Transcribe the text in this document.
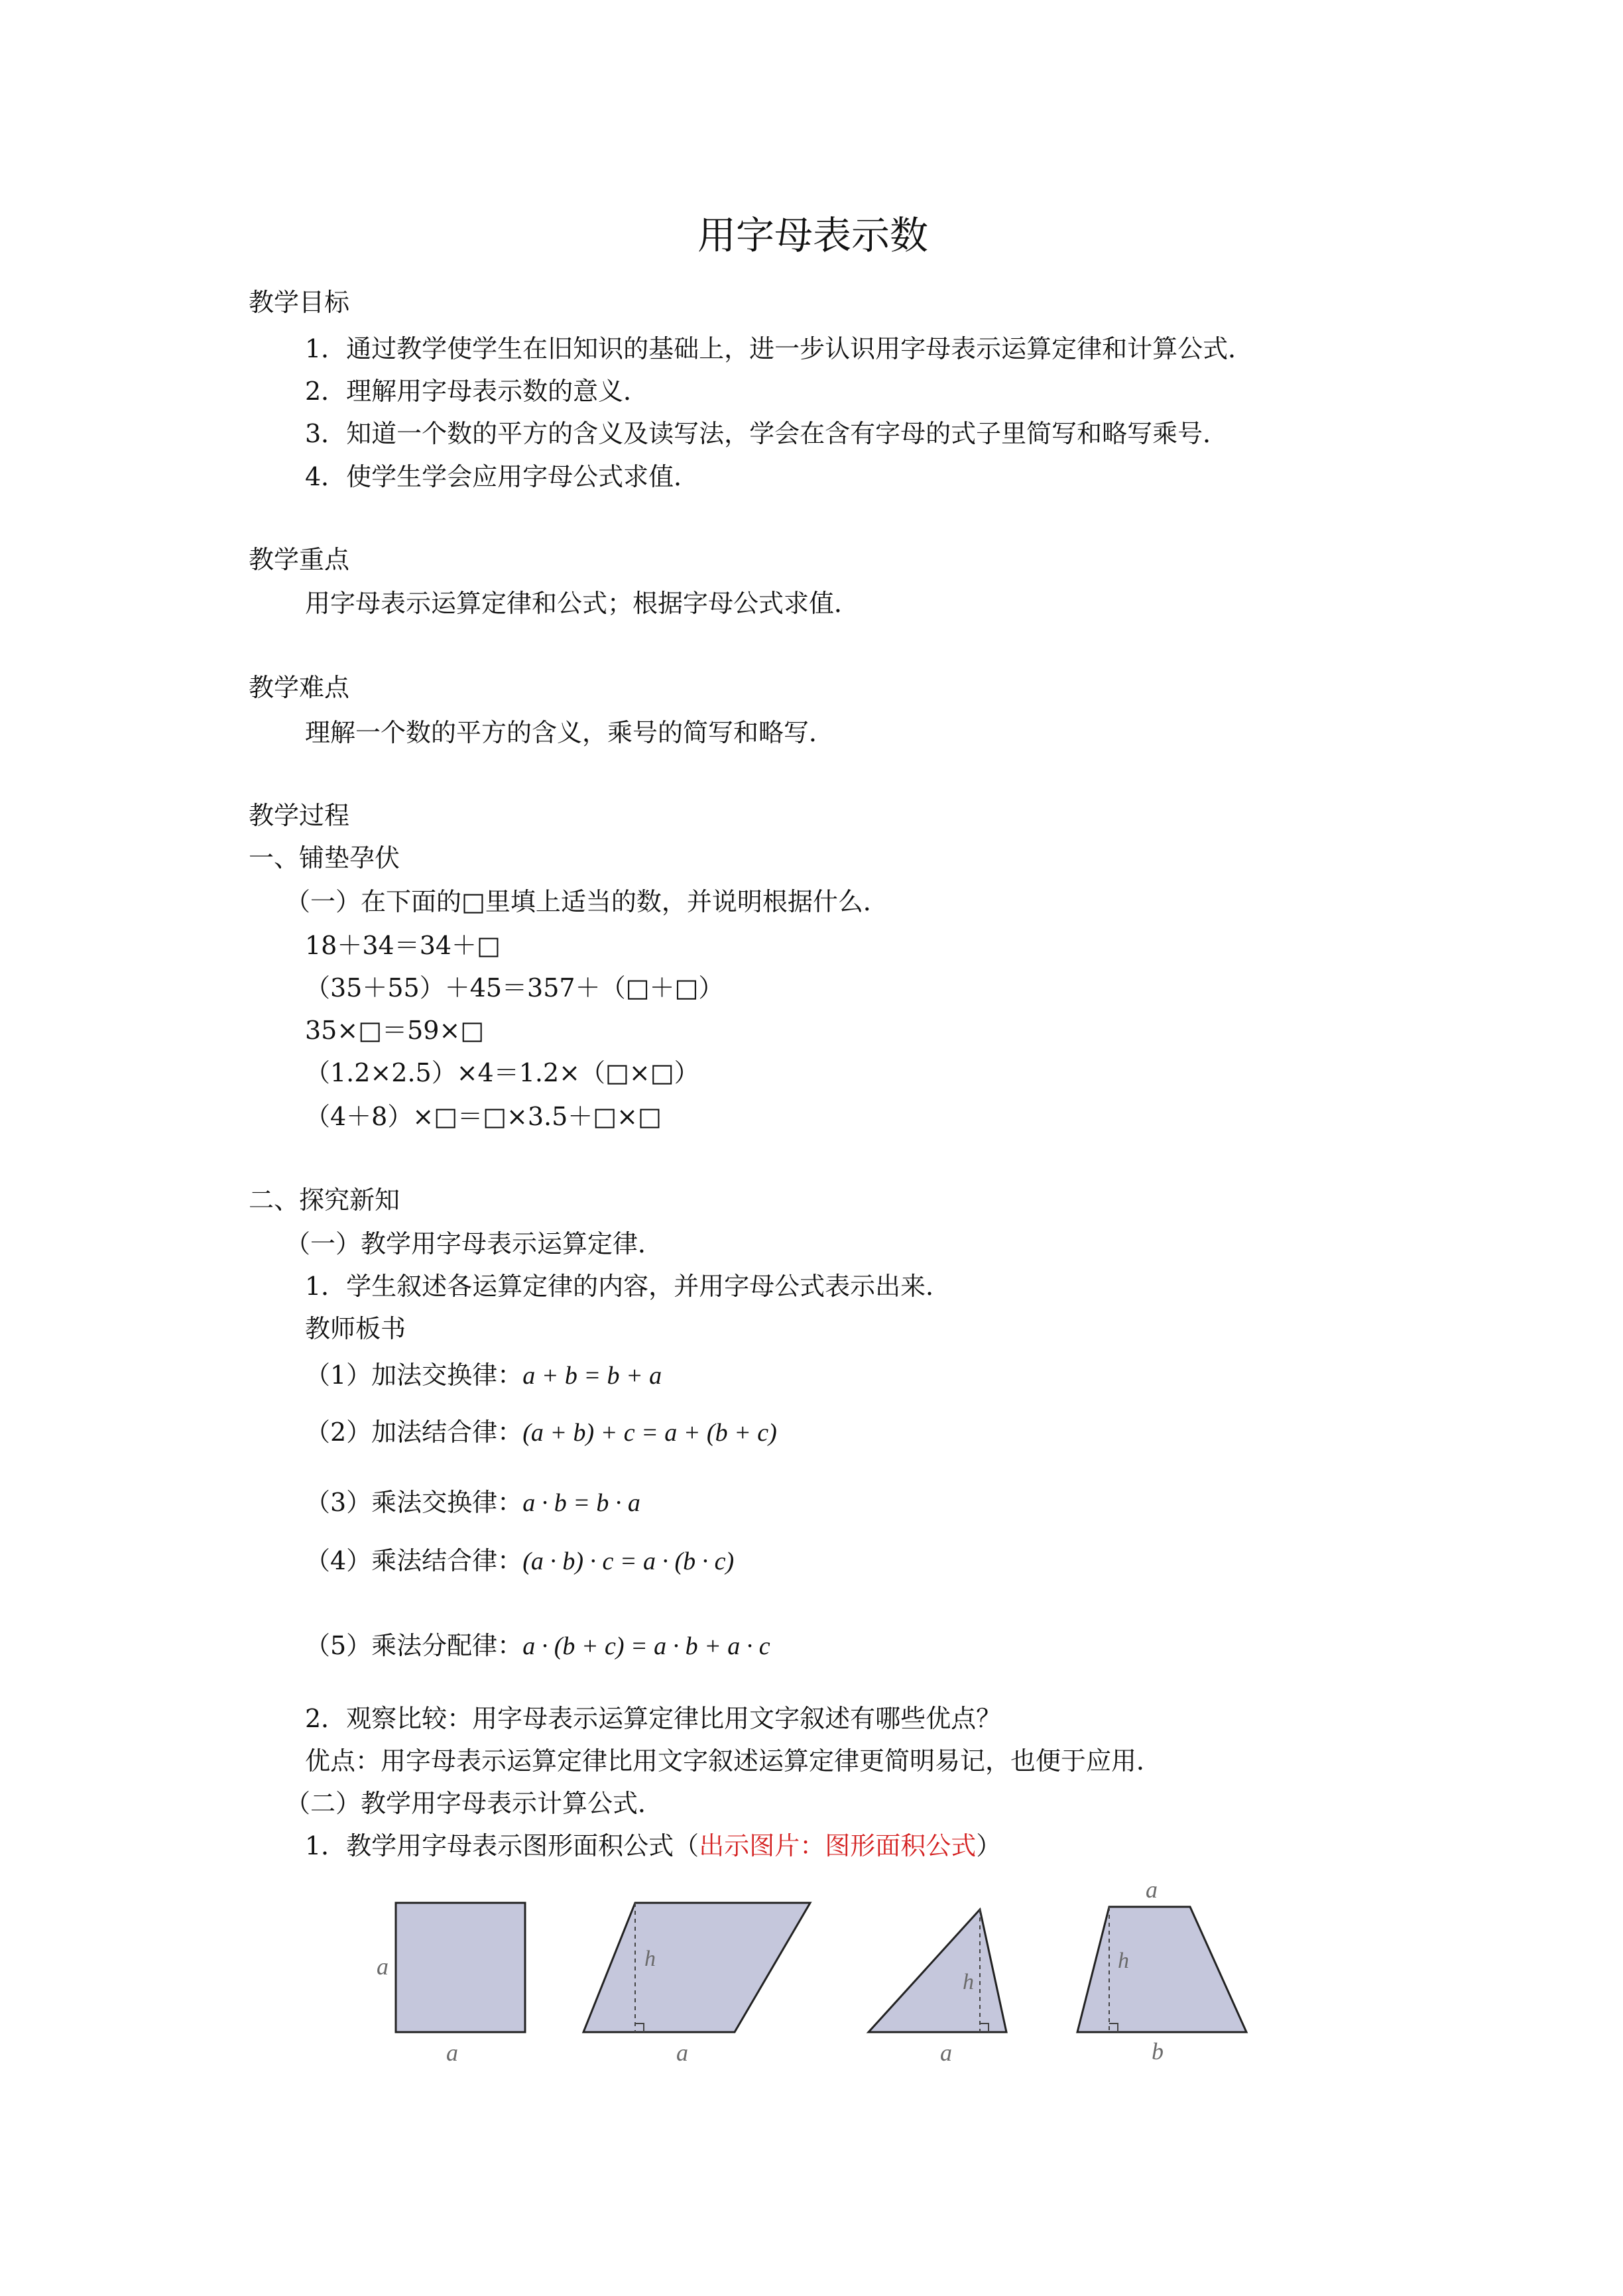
用字母表示数
教学目标
1．通过教学使学生在旧知识的基础上，进一步认识用字母表示运算定律和计算公式．
2．理解用字母表示数的意义．
3．知道一个数的平方的含义及读写法，学会在含有字母的式子里简写和略写乘号．
4．使学生学会应用字母公式求值．
教学重点
用字母表示运算定律和公式；根据字母公式求值．
教学难点
理解一个数的平方的含义，乘号的简写和略写．
教学过程
一、铺垫孕伏
（一）在下面的□里填上适当的数，并说明根据什么．
18＋34＝34＋□
（35＋55）＋45＝357＋（□＋□）
35×□＝59×□
（1.2×2.5）×4＝1.2×（□×□）
（4＋8）×□＝□×3.5＋□×□
二、探究新知
（一）教学用字母表示运算定律．
1．学生叙述各运算定律的内容，并用字母公式表示出来．
教师板书
（1）加法交换律：a + b = b + a
（2）加法结合律：(a + b) + c = a + (b + c)
（3）乘法交换律：a · b = b · a
（4）乘法结合律：(a · b) · c = a · (b · c)
（5）乘法分配律：a · (b + c) = a · b + a · c
2．观察比较：用字母表示运算定律比用文字叙述有哪些优点？
优点：用字母表示运算定律比用文字叙述运算定律更简明易记，也便于应用．
（二）教学用字母表示计算公式．
1．教学用字母表示图形面积公式（出示图片：图形面积公式）
a
a
h
a
h
a
a
h
b
